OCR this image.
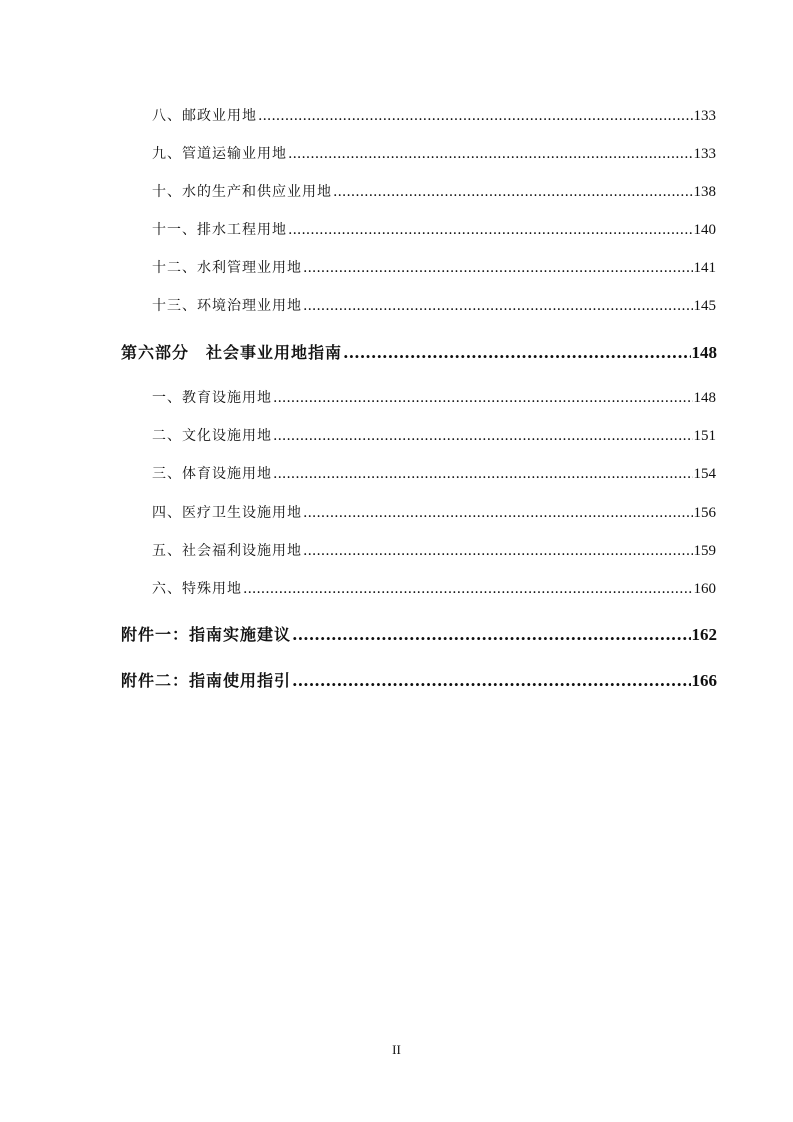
八、邮政业用地 .....	133
九、管道运输业用地 .....	133
十、水的生产和供应业用地 .....	138
十一、排水工程用地 .....	140
十二、水利管理业用地 .....	141
十三、环境治理业用地 .....	145
第六部分　社会事业用地指南 .....	148
一、教育设施用地 .....	148
二、文化设施用地 .....	151
三、体育设施用地 .....	154
四、医疗卫生设施用地 .....	156
五、社会福利设施用地 .....	159
六、特殊用地 .....	160
附件一：指南实施建议 .....	162
附件二：指南使用指引 .....	166
II
